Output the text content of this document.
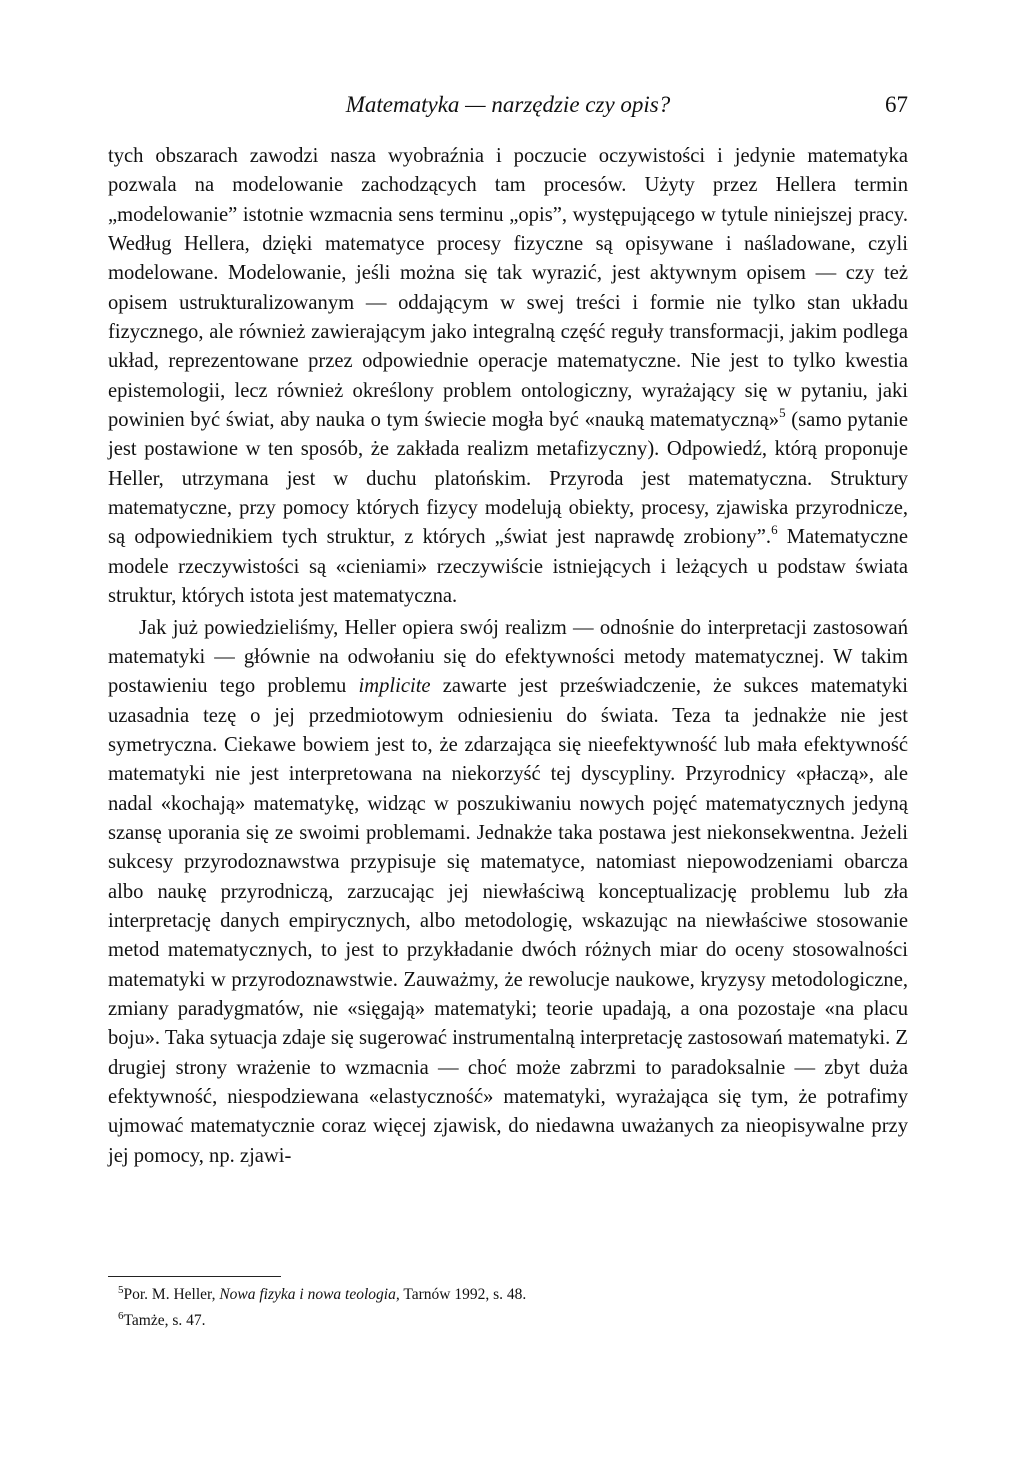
Matematyka — narzędzie czy opis?	67

tych obszarach zawodzi nasza wyobraźnia i poczucie oczywistości i jedynie matematyka pozwala na modelowanie zachodzących tam procesów. Użyty przez Hellera termin „modelowanie” istotnie wzmacnia sens terminu „opis”, występującego w tytule niniejszej pracy. Według Hellera, dzięki matematyce procesy fizyczne są opisywane i naśladowane, czyli modelowane. Modelowanie, jeśli można się tak wyrazić, jest aktywnym opisem — czy też opisem ustrukturalizowanym — oddającym w swej treści i formie nie tylko stan układu fizycznego, ale również zawierającym jako integralną część reguły transformacji, jakim podlega układ, reprezentowane przez odpowiednie operacje matematyczne. Nie jest to tylko kwestia epistemologii, lecz również określony problem ontologiczny, wyrażający się w pytaniu, jaki powinien być świat, aby nauka o tym świecie mogła być «nauką matematyczną»$^5$ (samo pytanie jest postawione w ten sposób, że zakłada realizm metafizyczny). Odpowiedź, którą proponuje Heller, utrzymana jest w duchu platońskim. Przyroda jest matematyczna. Struktury matematyczne, przy pomocy których fizycy modelują obiekty, procesy, zjawiska przyrodnicze, są odpowiednikiem tych struktur, z których „świat jest naprawdę zrobiony”.$^6$ Matematyczne modele rzeczywistości są «cieniami» rzeczywiście istniejących i leżących u podstaw świata struktur, których istota jest matematyczna.

Jak już powiedzieliśmy, Heller opiera swój realizm — odnośnie do interpretacji zastosowań matematyki — głównie na odwołaniu się do efektywności metody matematycznej. W takim postawieniu tego problemu implicite zawarte jest przeświadczenie, że sukces matematyki uzasadnia tezę o jej przedmiotowym odniesieniu do świata. Teza ta jednakże nie jest symetryczna. Ciekawe bowiem jest to, że zdarzająca się nieefektywność lub mała efektywność matematyki nie jest interpretowana na niekorzyść tej dyscypliny. Przyrodnicy «płaczą», ale nadal «kochają» matematykę, widząc w poszukiwaniu nowych pojęć matematycznych jedyną szansę uporania się ze swoimi problemami. Jednakże taka postawa jest niekonsekwentna. Jeżeli sukcesy przyrodoznawstwa przypisuje się matematyce, natomiast niepowodzeniami obarcza albo naukę przyrodniczą, zarzucając jej niewłaściwą konceptualizację problemu lub zła interpretację danych empirycznych, albo metodologię, wskazując na niewłaściwe stosowanie metod matematycznych, to jest to przykładanie dwóch różnych miar do oceny stosowalności matematyki w przyrodoznawstwie. Zauważmy, że rewolucje naukowe, kryzysy metodologiczne, zmiany paradygmatów, nie «sięgają» matematyki; teorie upadają, a ona pozostaje «na placu boju». Taka sytuacja zdaje się sugerować instrumentalną interpretację zastosowań matematyki. Z drugiej strony wrażenie to wzmacnia — choć może zabrzmi to paradoksalnie — zbyt duża efektywność, niespodziewana «elastyczność» matematyki, wyrażająca się tym, że potrafimy ujmować matematycznie coraz więcej zjawisk, do niedawna uważanych za nieopisywalne przy jej pomocy, np. zjawi-

$^5$Por. M. Heller, Nowa fizyka i nowa teologia, Tarnów 1992, s. 48.
$^6$Tamże, s. 47.
